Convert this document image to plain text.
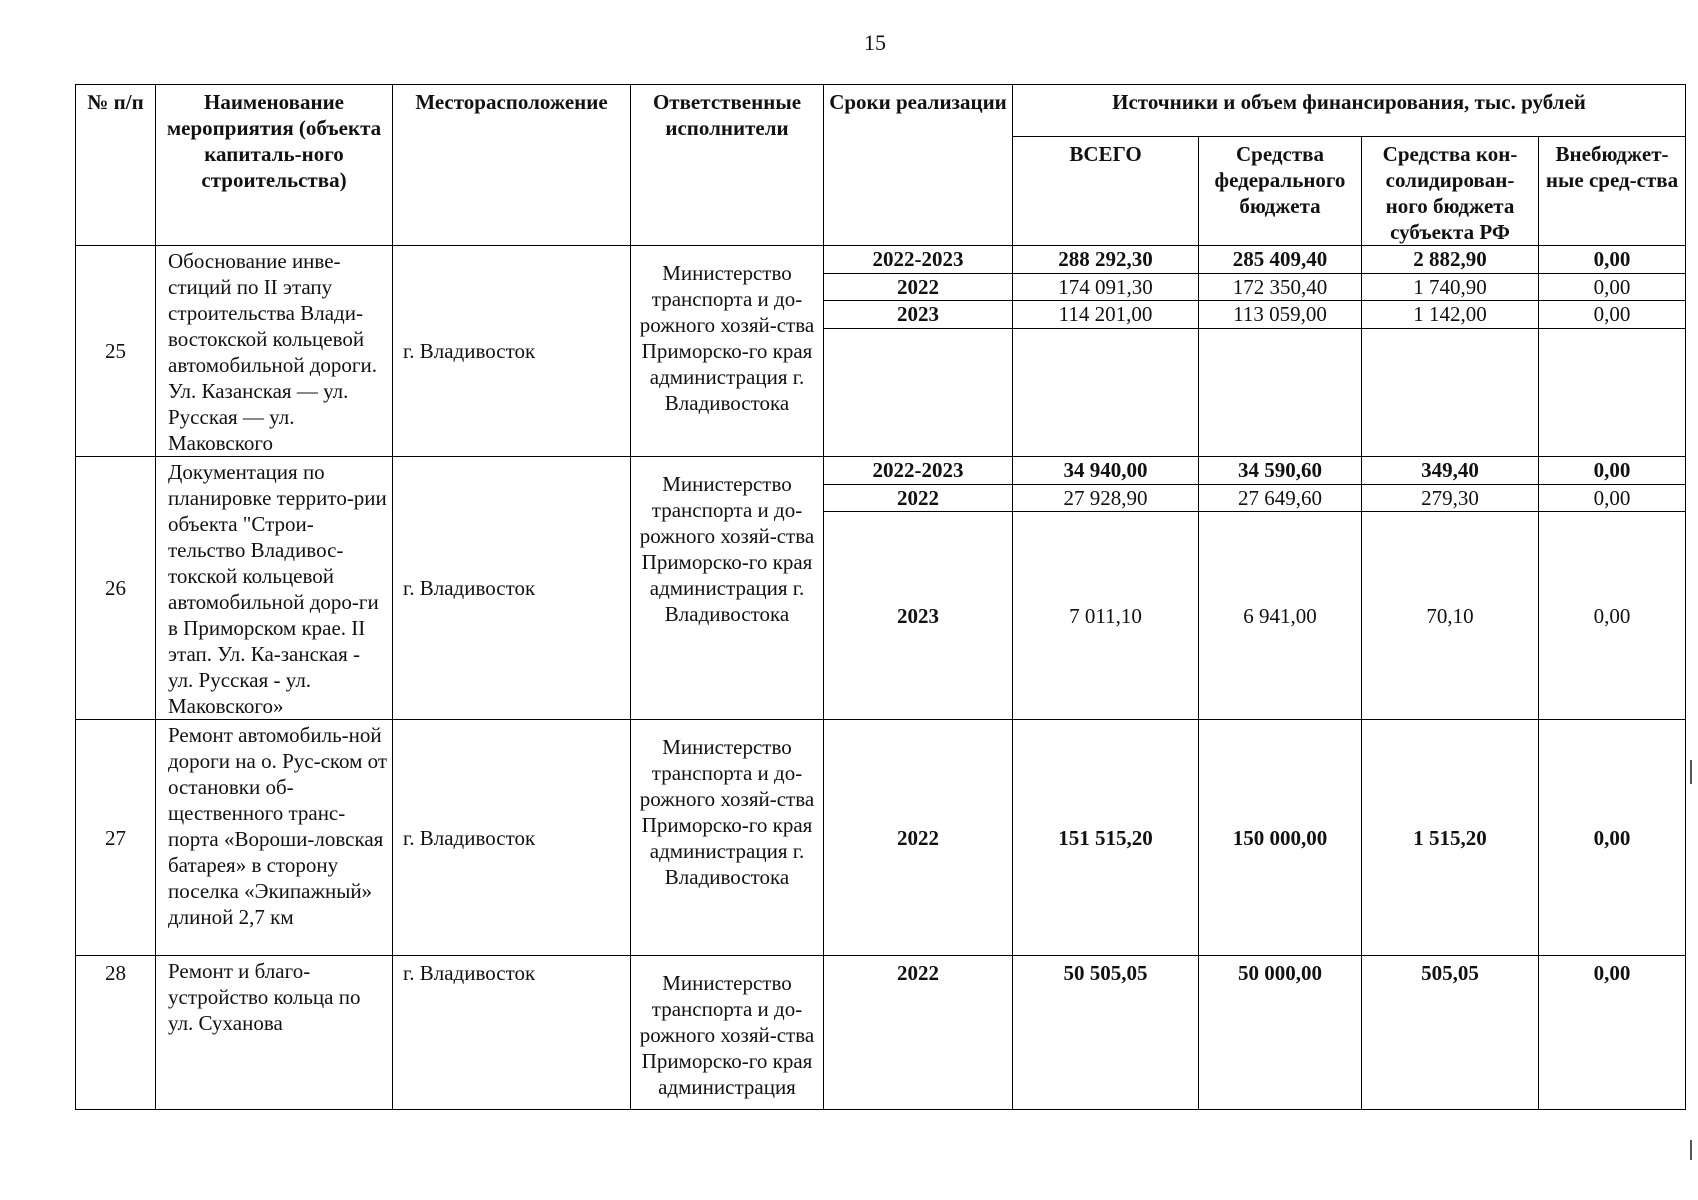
15
№ п/п	Наименование мероприятия (объекта капиталь-ного строительства)	Месторасположение	Ответственные исполнители	Сроки реализации	Источники и объем финансирования, тыс. рублей			
					ВСЕГО	Средства федерального бюджета	Средства кон-солидирован-ного бюджета субъекта РФ	Внебюджет-ные сред-ства
25	Обоснование инве-стиций по II этапу строительства Влади-востокской кольцевой автомобильной дороги. Ул. Казанская — ул. Русская — ул. Маковского	г. Владивосток	Министерство транспорта и до-рожного хозяй-ства Приморско-го края администрация г. Владивостока	2022-2023	288 292,30	285 409,40	2 882,90	0,00
				2022	174 091,30	172 350,40	1 740,90	0,00
				2023	114 201,00	113 059,00	1 142,00	0,00

26	Документация по планировке террито-рии объекта "Строи-тельство Владивос-токской кольцевой автомобильной доро-ги в Приморском крае. II этап. Ул. Ка-занская - ул. Русская - ул. Маковского»	г. Владивосток	Министерство транспорта и до-рожного хозяй-ства Приморско-го края администрация г. Владивостока	2022-2023	34 940,00	34 590,60	349,40	0,00
				2022	27 928,90	27 649,60	279,30	0,00
				2023	7 011,10	6 941,00	70,10	0,00
27	Ремонт автомобиль-ной дороги на о. Рус-ском от остановки об-щественного транс-порта «Вороши-ловская батарея» в сторону поселка «Экипажный» длиной 2,7 км	г. Владивосток	Министерство транспорта и до-рожного хозяй-ства Приморско-го края администрация г. Владивостока	2022	151 515,20	150 000,00	1 515,20	0,00
28	Ремонт и благо-устройство кольца по ул. Суханова	г. Владивосток	Министерство транспорта и до-рожного хозяй-ства Приморско-го края администрация	2022	50 505,05	50 000,00	505,05	0,00
